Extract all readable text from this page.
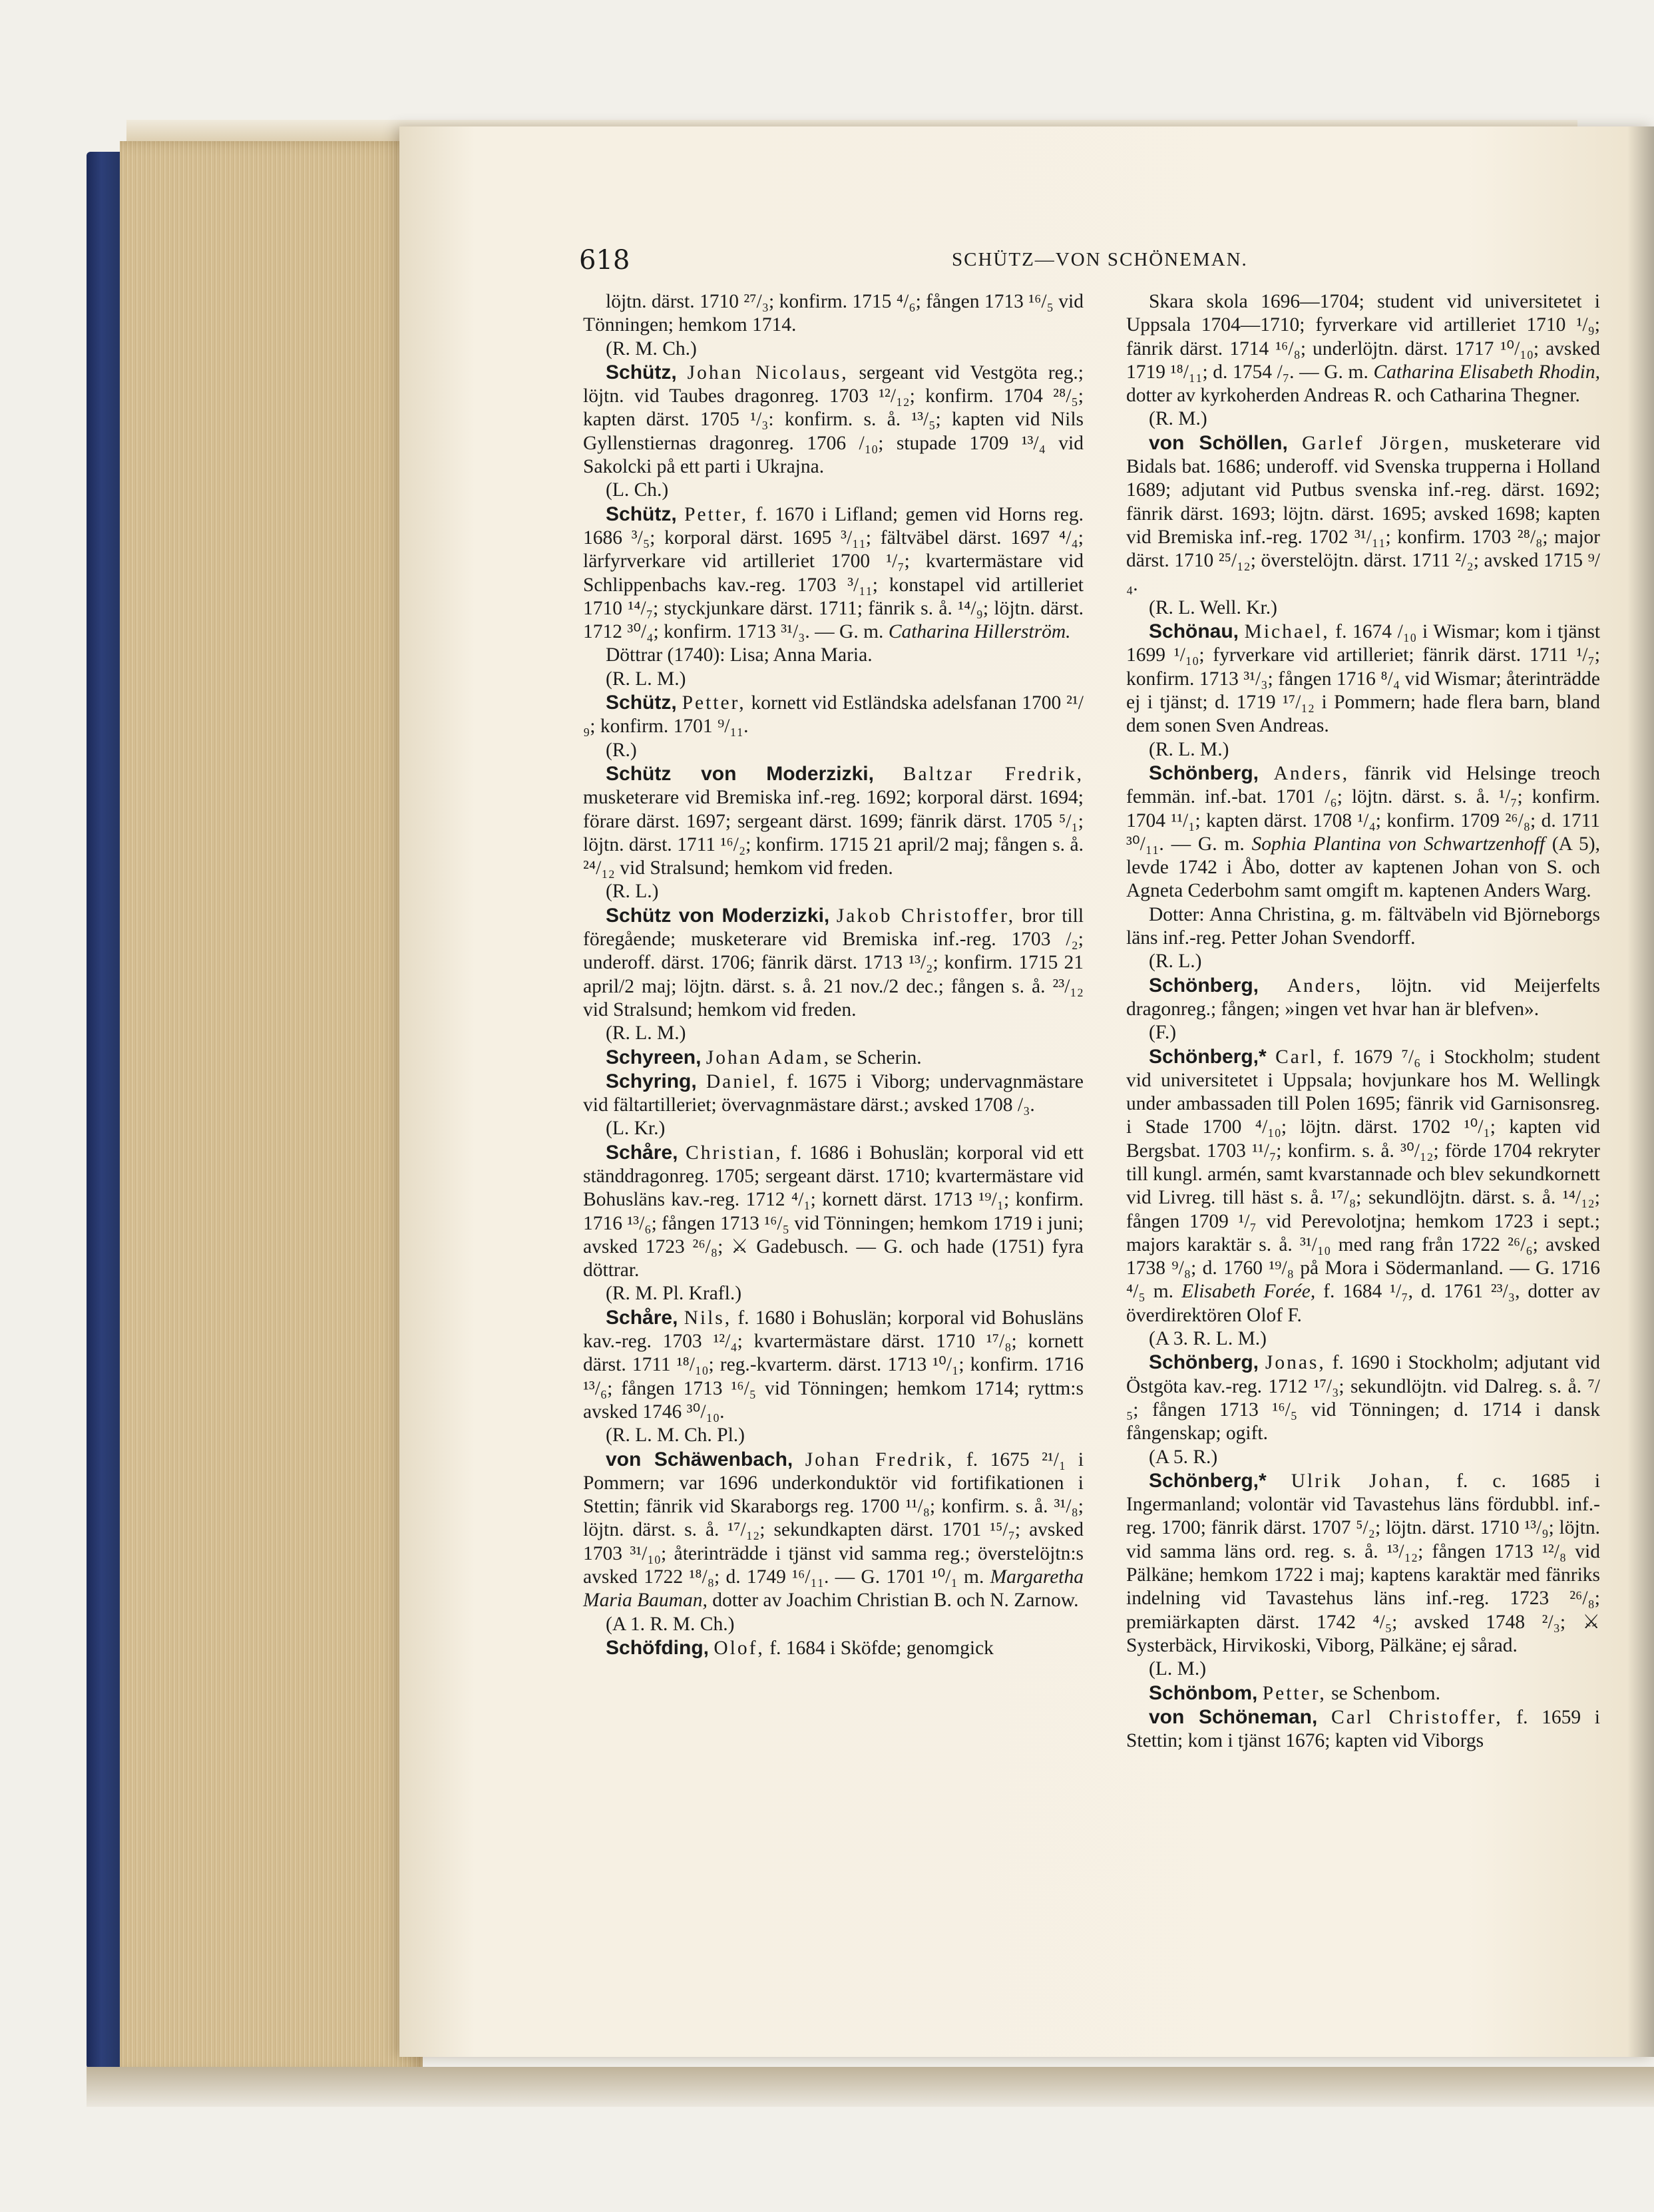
618	SCHÜTZ—VON SCHÖNEMAN.

löjtn. därst. 1710 ²⁷/₃; konfirm. 1715 ⁴/₆; fången 1713 ¹⁶/₅ vid Tönningen; hemkom 1714.

(R. M. Ch.)

Schütz, Johan Nicolaus, sergeant vid Vestgöta reg.; löjtn. vid Taubes dragonreg. 1703 ¹²/₁₂; konfirm. 1704 ²⁸/₅; kapten därst. 1705 ¹/₃: konfirm. s. å. ¹³/₅; kapten vid Nils Gyllenstiernas dragonreg. 1706 /₁₀; stupade 1709 ¹³/₄ vid Sakolcki på ett parti i Ukrajna.

(L. Ch.)

Schütz, Petter, f. 1670 i Lifland; gemen vid Horns reg. 1686 ³/₅; korporal därst. 1695 ³/₁₁; fältväbel därst. 1697 ⁴/₄; lärfyrverkare vid artilleriet 1700 ¹/₇; kvartermästare vid Schlippenbachs kav.-reg. 1703 ³/₁₁; konstapel vid artilleriet 1710 ¹⁴/₇; styckjunkare därst. 1711; fänrik s. å. ¹⁴/₉; löjtn. därst. 1712 ³⁰/₄; konfirm. 1713 ³¹/₃. — G. m. Catharina Hillerström.

Döttrar (1740): Lisa; Anna Maria.

(R. L. M.)

Schütz, Petter, kornett vid Estländska adelsfanan 1700 ²¹/₉; konfirm. 1701 ⁹/₁₁.

(R.)

Schütz von Moderzizki, Baltzar Fredrik, musketerare vid Bremiska inf.-reg. 1692; korporal därst. 1694; förare därst. 1697; sergeant därst. 1699; fänrik därst. 1705 ⁵/₁; löjtn. därst. 1711 ¹⁶/₂; konfirm. 1715 21 april/2 maj; fången s. å. ²⁴/₁₂ vid Stralsund; hemkom vid freden.

(R. L.)

Schütz von Moderzizki, Jakob Christoffer, bror till föregående; musketerare vid Bremiska inf.-reg. 1703 /₂; underoff. därst. 1706; fänrik därst. 1713 ¹³/₂; konfirm. 1715 21 april/2 maj; löjtn. därst. s. å. 21 nov./2 dec.; fången s. å. ²³/₁₂ vid Stralsund; hemkom vid freden.

(R. L. M.)

Schyreen, Johan Adam, se Scherin.

Schyring, Daniel, f. 1675 i Viborg; undervagnmästare vid fältartilleriet; övervagnmästare därst.; avsked 1708 /₃.

(L. Kr.)

Schåre, Christian, f. 1686 i Bohuslän; korporal vid ett ständdragonreg. 1705; sergeant därst. 1710; kvartermästare vid Bohusläns kav.-reg. 1712 ⁴/₁; kornett därst. 1713 ¹⁹/₁; konfirm. 1716 ¹³/₆; fången 1713 ¹⁶/₅ vid Tönningen; hemkom 1719 i juni; avsked 1723 ²⁶/₈; ⚔ Gadebusch. — G. och hade (1751) fyra döttrar.

(R. M. Pl. Krafl.)

Schåre, Nils, f. 1680 i Bohuslän; korporal vid Bohusläns kav.-reg. 1703 ¹²/₄; kvartermästare därst. 1710 ¹⁷/₈; kornett därst. 1711 ¹⁸/₁₀; reg.-kvarterm. därst. 1713 ¹⁰/₁; konfirm. 1716 ¹³/₆; fången 1713 ¹⁶/₅ vid Tönningen; hemkom 1714; ryttm:s avsked 1746 ³⁰/₁₀.

(R. L. M. Ch. Pl.)

von Schäwenbach, Johan Fredrik, f. 1675 ²¹/₁ i Pommern; var 1696 underkonduktör vid fortifikationen i Stettin; fänrik vid Skaraborgs reg. 1700 ¹¹/₈; konfirm. s. å. ³¹/₈; löjtn. därst. s. å. ¹⁷/₁₂; sekundkapten därst. 1701 ¹⁵/₇; avsked 1703 ³¹/₁₀; återinträdde i tjänst vid samma reg.; överstelöjtn:s avsked 1722 ¹⁸/₈; d. 1749 ¹⁶/₁₁. — G. 1701 ¹⁰/₁ m. Margaretha Maria Bauman, dotter av Joachim Christian B. och N. Zarnow.

(A 1. R. M. Ch.)

Schöfding, Olof, f. 1684 i Sköfde; genomgick

Skara skola 1696—1704; student vid universitetet i Uppsala 1704—1710; fyrverkare vid artilleriet 1710 ¹/₉; fänrik därst. 1714 ¹⁶/₈; underlöjtn. därst. 1717 ¹⁰/₁₀; avsked 1719 ¹⁸/₁₁; d. 1754 /₇. — G. m. Catharina Elisabeth Rhodin, dotter av kyrkoherden Andreas R. och Catharina Thegner.

(R. M.)

von Schöllen, Garlef Jörgen, musketerare vid Bidals bat. 1686; underoff. vid Svenska trupperna i Holland 1689; adjutant vid Putbus svenska inf.-reg. därst. 1692; fänrik därst. 1693; löjtn. därst. 1695; avsked 1698; kapten vid Bremiska inf.-reg. 1702 ³¹/₁₁; konfirm. 1703 ²⁸/₈; major därst. 1710 ²⁵/₁₂; överstelöjtn. därst. 1711 ²/₂; avsked 1715 ⁹/₄.

(R. L. Well. Kr.)

Schönau, Michael, f. 1674 /₁₀ i Wismar; kom i tjänst 1699 ¹/₁₀; fyrverkare vid artilleriet; fänrik därst. 1711 ¹/₇; konfirm. 1713 ³¹/₃; fången 1716 ⁸/₄ vid Wismar; återinträdde ej i tjänst; d. 1719 ¹⁷/₁₂ i Pommern; hade flera barn, bland dem sonen Sven Andreas.

(R. L. M.)

Schönberg, Anders, fänrik vid Helsinge treoch femmän. inf.-bat. 1701 /₆; löjtn. därst. s. å. ¹/₇; konfirm. 1704 ¹¹/₁; kapten därst. 1708 ¹/₄; konfirm. 1709 ²⁶/₈; d. 1711 ³⁰/₁₁. — G. m. Sophia Plantina von Schwartzenhoff (A 5), levde 1742 i Åbo, dotter av kaptenen Johan von S. och Agneta Cederbohm samt omgift m. kaptenen Anders Warg.

Dotter: Anna Christina, g. m. fältväbeln vid Björneborgs läns inf.-reg. Petter Johan Svendorff.

(R. L.)

Schönberg, Anders, löjtn. vid Meijerfelts dragonreg.; fången; »ingen vet hvar han är blefven».

(F.)

Schönberg,* Carl, f. 1679 ⁷/₆ i Stockholm; student vid universitetet i Uppsala; hovjunkare hos M. Wellingk under ambassaden till Polen 1695; fänrik vid Garnisonsreg. i Stade 1700 ⁴/₁₀; löjtn. därst. 1702 ¹⁰/₁; kapten vid Bergsbat. 1703 ¹¹/₇; konfirm. s. å. ³⁰/₁₂; förde 1704 rekryter till kungl. armén, samt kvarstannade och blev sekundkornett vid Livreg. till häst s. å. ¹⁷/₈; sekundlöjtn. därst. s. å. ¹⁴/₁₂; fången 1709 ¹/₇ vid Perevolotjna; hemkom 1723 i sept.; majors karaktär s. å. ³¹/₁₀ med rang från 1722 ²⁶/₆; avsked 1738 ⁹/₈; d. 1760 ¹⁹/₈ på Mora i Södermanland. — G. 1716 ⁴/₅ m. Elisabeth Forée, f. 1684 ¹/₇, d. 1761 ²³/₃, dotter av överdirektören Olof F.

(A 3. R. L. M.)

Schönberg, Jonas, f. 1690 i Stockholm; adjutant vid Östgöta kav.-reg. 1712 ¹⁷/₃; sekundlöjtn. vid Dalreg. s. å. ⁷/₅; fången 1713 ¹⁶/₅ vid Tönningen; d. 1714 i dansk fångenskap; ogift.

(A 5. R.)

Schönberg,* Ulrik Johan, f. c. 1685 i Ingermanland; volontär vid Tavastehus läns fördubbl. inf.-reg. 1700; fänrik därst. 1707 ⁵/₂; löjtn. därst. 1710 ¹³/₉; löjtn. vid samma läns ord. reg. s. å. ¹³/₁₂; fången 1713 ¹²/₈ vid Pälkäne; hemkom 1722 i maj; kaptens karaktär med fänriks indelning vid Tavastehus läns inf.-reg. 1723 ²⁶/₈; premiärkapten därst. 1742 ⁴/₅; avsked 1748 ²/₃; ⚔ Systerbäck, Hirvikoski, Viborg, Pälkäne; ej sårad.

(L. M.)

Schönbom, Petter, se Schenbom.

von Schöneman, Carl Christoffer, f. 1659 i Stettin; kom i tjänst 1676; kapten vid Viborgs
